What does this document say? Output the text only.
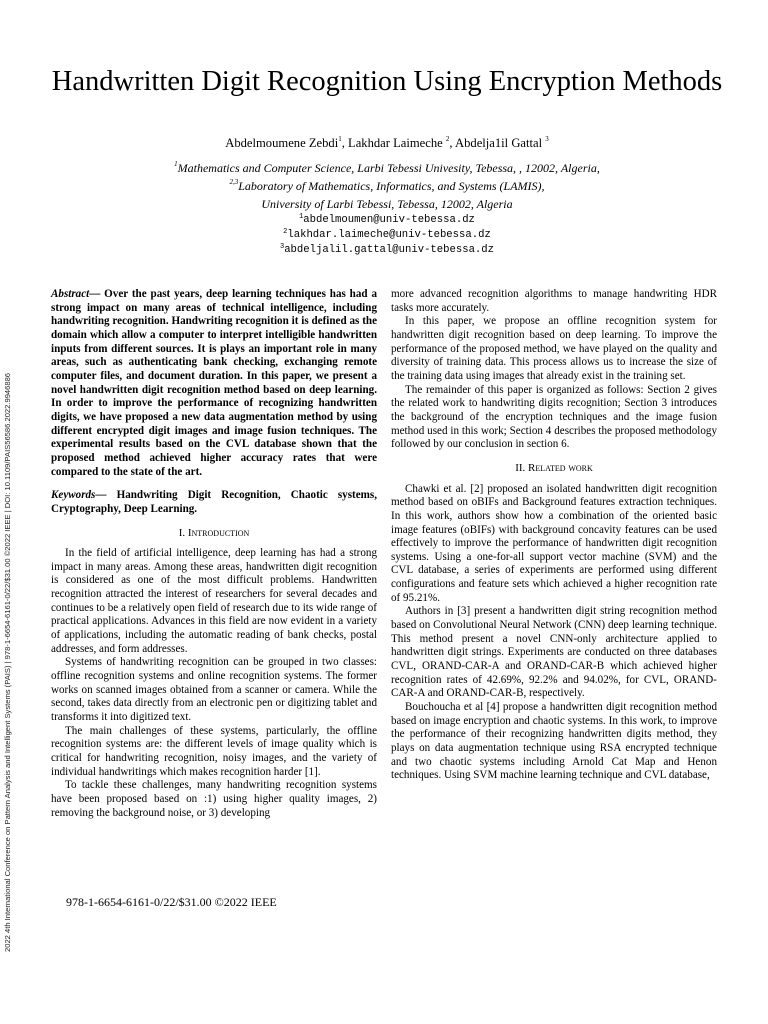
2022 4th International Conference on Pattern Analysis and Intelligent Systems (PAIS) | 978-1-6654-6161-0/22/$31.00 ©2022 IEEE | DOI: 10.1109/PAIS56586.2022.9946886
Handwritten Digit Recognition Using Encryption Methods
Abdelmoumene Zebdi$^1$, Lakhdar Laimeche $^2$, Abdelja1il Gattal $^3$
$^1$Mathematics and Computer Science, Larbi Tebessi Univesity, Tebessa, , 12002, Algeria,
$^{2,3}$Laboratory of Mathematics, Informatics, and Systems (LAMIS),
University of Larbi Tebessi, Tebessa, 12002, Algeria
$^1$abdelmoumen@univ-tebessa.dz
$^2$lakhdar.laimeche@univ-tebessa.dz
$^3$abdeljalil.gattal@univ-tebessa.dz

Abstract— Over the past years, deep learning techniques has had a strong impact on many areas of technical intelligence, including handwriting recognition. Handwriting recognition it is defined as the domain which allow a computer to interpret intelligible handwritten inputs from different sources. It is plays an important role in many areas, such as authenticating bank checking, exchanging remote computer files, and document duration. In this paper, we present a novel handwritten digit recognition method based on deep learning. In order to improve the performance of recognizing handwritten digits, we have proposed a new data augmentation method by using different encrypted digit images and image fusion techniques. The experimental results based on the CVL database shown that the proposed method achieved higher accuracy rates that were compared to the state of the art.

Keywords— Handwriting Digit Recognition, Chaotic systems, Cryptography, Deep Learning.

I. Introduction

In the field of artificial intelligence, deep learning has had a strong impact in many areas. Among these areas, handwritten digit recognition is considered as one of the most difficult problems. Handwritten recognition attracted the interest of researchers for several decades and continues to be a relatively open field of research due to its wide range of practical applications. Advances in this field are now evident in a variety of applications, including the automatic reading of bank checks, postal addresses, and form addresses.

Systems of handwriting recognition can be grouped in two classes: offline recognition systems and online recognition systems. The former works on scanned images obtained from a scanner or camera. While the second, takes data directly from an electronic pen or digitizing tablet and transforms it into digitized text.

The main challenges of these systems, particularly, the offline recognition systems are: the different levels of image quality which is critical for handwriting recognition, noisy images, and the variety of individual handwritings which makes recognition harder [1].

To tackle these challenges, many handwriting recognition systems have been proposed based on :1) using higher quality images, 2) removing the background noise, or 3) developing

more advanced recognition algorithms to manage handwriting HDR tasks more accurately.

In this paper, we propose an offline recognition system for handwritten digit recognition based on deep learning. To improve the performance of the proposed method, we have played on the quality and diversity of training data. This process allows us to increase the size of the training data using images that already exist in the training set.

The remainder of this paper is organized as follows: Section 2 gives the related work to handwriting digits recognition; Section 3 introduces the background of the encryption techniques and the image fusion method used in this work; Section 4 describes the proposed methodology followed by our conclusion in section 6.

II. Related work

Chawki et al. [2] proposed an isolated handwritten digit recognition method based on oBIFs and Background features extraction techniques. In this work, authors show how a combination of the oriented basic image features (oBIFs) with background concavity features can be used effectively to improve the performance of handwritten digit recognition systems. Using a one-for-all support vector machine (SVM) and the CVL database, a series of experiments are performed using different configurations and feature sets which achieved a higher recognition rate of 95.21%.

Authors in [3] present a handwritten digit string recognition method based on Convolutional Neural Network (CNN) deep learning technique. This method present a novel CNN-only architecture applied to handwritten digit strings. Experiments are conducted on three databases CVL, ORAND-CAR-A and ORAND-CAR-B which achieved higher recognition rates of 42.69%, 92.2% and 94.02%, for CVL, ORAND-CAR-A and ORAND-CAR-B, respectively.

Bouchoucha et al [4] propose a handwritten digit recognition method based on image encryption and chaotic systems. In this work, to improve the performance of their recognizing handwritten digits method, they plays on data augmentation technique using RSA encrypted technique and two chaotic systems including Arnold Cat Map and Henon techniques. Using SVM machine learning technique and CVL database,

978-1-6654-6161-0/22/$31.00 ©2022 IEEE
